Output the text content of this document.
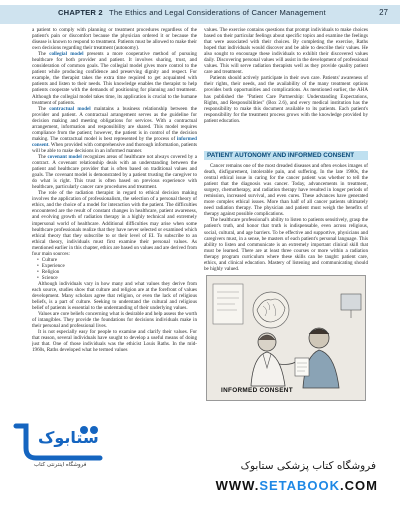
CHAPTER 2 The Ethics and Legal Considerations of Cancer Management	27

a patient to comply with planning or treatment procedures regardless of the patient's pain or discomfort because the physician ordered it or because the disease is known to respond to treatment. Patients must be allowed to make their own decisions regarding their treatment (autonomy).

The collegial model presents a more cooperative method of pursuing healthcare for both provider and patient. It involves sharing, trust, and consideration of common goals. The collegial model gives more control to the patient while producing confidence and preserving dignity and respect. For example, the therapist takes the extra time required to get acquainted with patients and listen to their needs. This knowledge enables the therapist to help patients cooperate with the demands of positioning for planning and treatment. Although the collegial model takes time, its application is crucial to the humane treatment of patients.

The contractual model maintains a business relationship between the provider and patient. A contractual arrangement serves as the guideline for decision making and meeting obligations for services. With a contractual arrangement, information and responsibility are shared. This model requires compliance from the patient; however, the patient is in control of the decision making. The contractual model is best represented by the process of informed consent. When provided with comprehensive and thorough information, patients will be able to make decisions in an informed manner.

The covenant model recognizes areas of healthcare not always covered by a contract. A covenant relationship deals with an understanding between the patient and healthcare provider that is often based on traditional values and goals. The covenant model is demonstrated by a patient trusting the caregiver to do what is right. This trust is often based on previous experience with healthcare, particularly cancer care procedures and treatment.

The role of the radiation therapist in regard to ethical decision making involves the application of professionalism, the selection of a personal theory of ethics, and the choice of a model for interaction with the patient. The difficulties encountered are the result of constant changes in healthcare, patient awareness, and evolving growth of radiation therapy in a highly technical and extremely impersonal world of healthcare. Additional difficulties may arise when some healthcare professionals realize that they have never selected or examined which ethical theory that they subscribe to or their level of EI. To subscribe to an ethical theory, individuals must first examine their personal values. As mentioned earlier in this chapter, ethics are based on values and are derived from four main sources:

• Culture
• Experience
• Religion
• Science

Although individuals vary in how many and what values they derive from each source, studies show that culture and religion are at the forefront of values development. Many scholars agree that religion, or even the lack of religious beliefs, is a part of culture. Seeking to understand the cultural and religious belief of patients is essential to the understanding of their underlying values.

Values are core beliefs concerning what is desirable and help assess the worth of intangibles. They provide the foundations for decisions individuals make in their personal and professional lives.

It is not especially easy for people to examine and clarify their values. For that reason, several individuals have sought to develop a useful means of doing just that. One of those individuals was the ethicist Louis Raths. In the mid-1960s, Raths developed what he termed values

values. The exercise contains questions that prompt individuals to make choices based on their particular feelings about specific topics and examine the feelings that were associated with their choices. By completing the exercise, Raths hoped that individuals would discover and be able to describe their values. He also sought to encourage these individuals to exhibit their discovered values daily. Discovering personal values will assist in the development of professional values. This will serve radiation therapists well as they provide quality patient care and treatment.

Patients should actively participate in their own care. Patients' awareness of their rights, their needs, and the availability of the many treatment options provides both opportunities and complications. As mentioned earlier, the AHA has published the "Patient Care Partnership: Understanding Expectations, Rights, and Responsibilities" (Box 2.6), and every medical institution has the responsibility to make this document available to its patients. Each patient's responsibility for the treatment process grows with the knowledge provided by patient education.

PATIENT AUTONOMY AND INFORMED CONSENT

Cancer remains one of the most dreaded diseases and often evokes images of death, disfigurement, intolerable pain, and suffering. In the late 1980s, the central ethical issue in caring for the cancer patient was whether to tell the patient that the diagnosis was cancer. Today, advancements in treatment, surgery, chemotherapy, and radiation therapy have resulted in longer periods of remission, increased survival, and even cures. These advances have generated more complex ethical issues. More than half of all cancer patients ultimately need radiation therapy. The physician and patient must weigh the benefits of therapy against possible complications.

The healthcare professional's ability to listen to patients sensitively, grasp the patient's truth, and honor that truth is indispensable, even across religious, social, cultural, and age barriers. To be effective and supportive, physicians and caregivers must, in a sense, be masters of each patient's personal language. This ability to listen and communicate is an extremely important clinical skill that must be learned. There are at least three courses or more within a radiation therapy program curriculum where these skills can be taught: patient care, ethics, and clinical education. Mastery of listening and communicating should be highly valued.

INFORMED CONSENT
ستابوک
فروشگاه اینترنتی کتاب	فروشگاه کتاب پزشکی ستابوک
WWW.SETABOOK.COM
